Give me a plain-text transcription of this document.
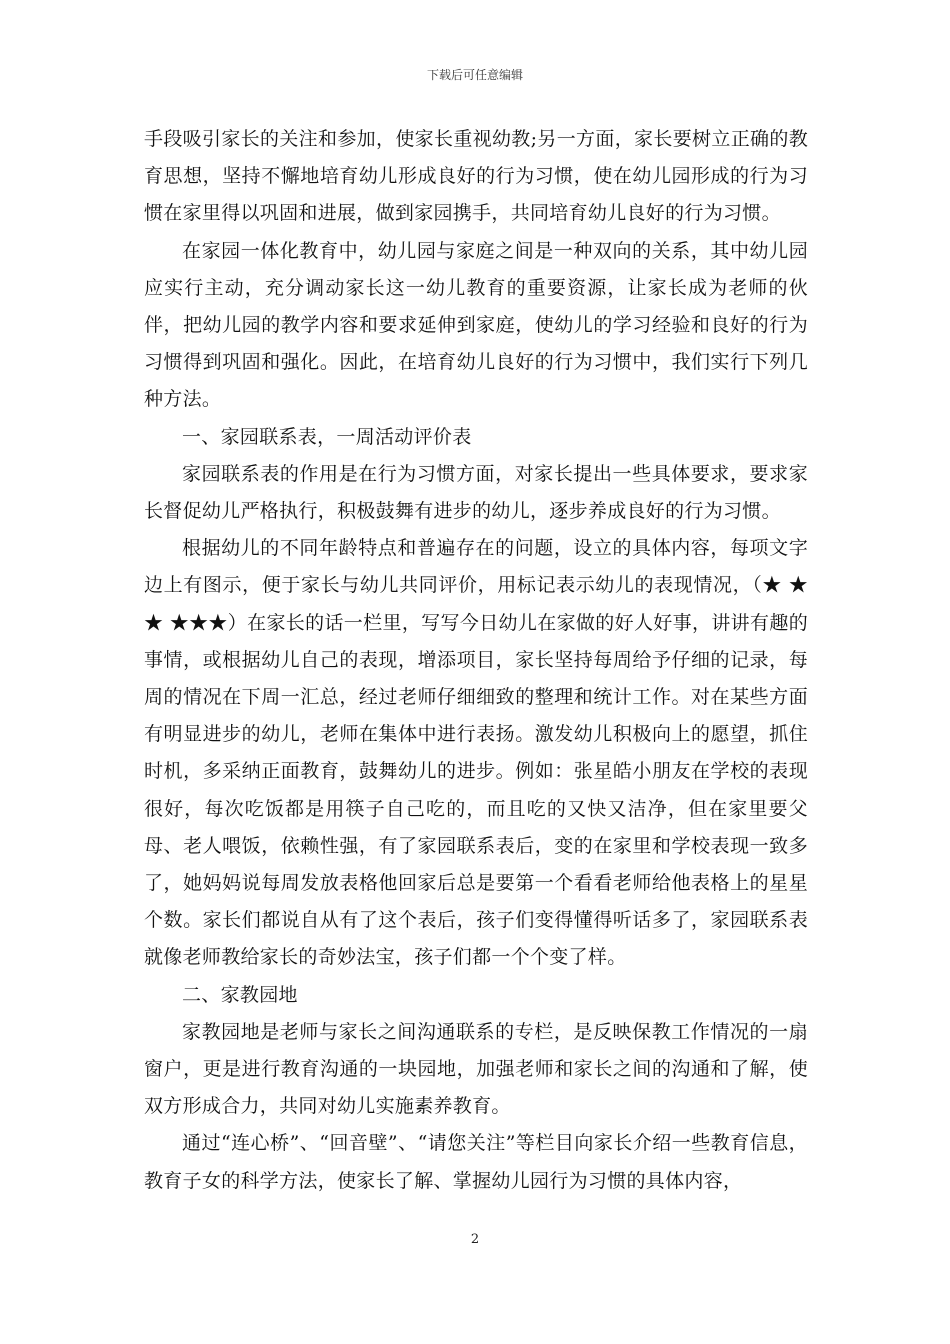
下载后可任意编辑

手段吸引家长的关注和参加，使家长重视幼教;另一方面，家长要树立正确的教育思想，坚持不懈地培育幼儿形成良好的行为习惯，使在幼儿园形成的行为习惯在家里得以巩固和进展，做到家园携手，共同培育幼儿良好的行为习惯。

在家园一体化教育中，幼儿园与家庭之间是一种双向的关系，其中幼儿园应实行主动，充分调动家长这一幼儿教育的重要资源，让家长成为老师的伙伴，把幼儿园的教学内容和要求延伸到家庭，使幼儿的学习经验和良好的行为习惯得到巩固和强化。因此，在培育幼儿良好的行为习惯中，我们实行下列几种方法。

一、家园联系表，一周活动评价表

家园联系表的作用是在行为习惯方面，对家长提出一些具体要求，要求家长督促幼儿严格执行，积极鼓舞有进步的幼儿，逐步养成良好的行为习惯。

根据幼儿的不同年龄特点和普遍存在的问题，设立的具体内容，每项文字边上有图示，便于家长与幼儿共同评价，用标记表示幼儿的表现情况，（★ ★ ★ ★★★）在家长的话一栏里，写写今日幼儿在家做的好人好事，讲讲有趣的事情，或根据幼儿自己的表现，增添项目，家长坚持每周给予仔细的记录，每周的情况在下周一汇总，经过老师仔细细致的整理和统计工作。对在某些方面有明显进步的幼儿，老师在集体中进行表扬。激发幼儿积极向上的愿望，抓住时机，多采纳正面教育，鼓舞幼儿的进步。例如：张星皓小朋友在学校的表现很好，每次吃饭都是用筷子自己吃的，而且吃的又快又洁净，但在家里要父母、老人喂饭，依赖性强，有了家园联系表后，变的在家里和学校表现一致多了，她妈妈说每周发放表格他回家后总是要第一个看看老师给他表格上的星星个数。家长们都说自从有了这个表后，孩子们变得懂得听话多了，家园联系表就像老师教给家长的奇妙法宝，孩子们都一个个变了样。

二、家教园地

家教园地是老师与家长之间沟通联系的专栏，是反映保教工作情况的一扇窗户，更是进行教育沟通的一块园地，加强老师和家长之间的沟通和了解，使双方形成合力，共同对幼儿实施素养教育。

通过“连心桥”、“回音壁”、“请您关注”等栏目向家长介绍一些教育信息，教育子女的科学方法，使家长了解、掌握幼儿园行为习惯的具体内容，

2
